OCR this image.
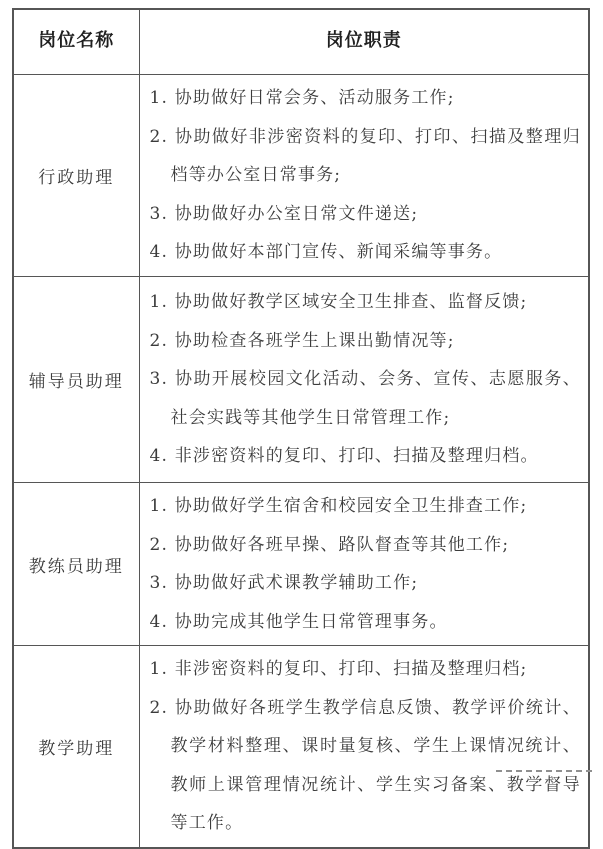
岗位名称	岗位职责
行政助理	1. 协助做好日常会务、活动服务工作;

2. 协助做好非涉密资料的复印、打印、扫描及整理归档等办公室日常事务;

3. 协助做好办公室日常文件递送;

4. 协助做好本部门宣传、新闻采编等事务。

辅导员助理	1. 协助做好教学区域安全卫生排查、监督反馈;

2. 协助检查各班学生上课出勤情况等;

3. 协助开展校园文化活动、会务、宣传、志愿服务、社会实践等其他学生日常管理工作;

4. 非涉密资料的复印、打印、扫描及整理归档。

教练员助理	1. 协助做好学生宿舍和校园安全卫生排查工作;

2. 协助做好各班早操、路队督查等其他工作;

3. 协助做好武术课教学辅助工作;

4. 协助完成其他学生日常管理事务。

教学助理	1. 非涉密资料的复印、打印、扫描及整理归档;

2. 协助做好各班学生教学信息反馈、教学评价统计、教学材料整理、课时量复核、学生上课情况统计、教师上课管理情况统计、学生实习备案、教学督导等工作。
